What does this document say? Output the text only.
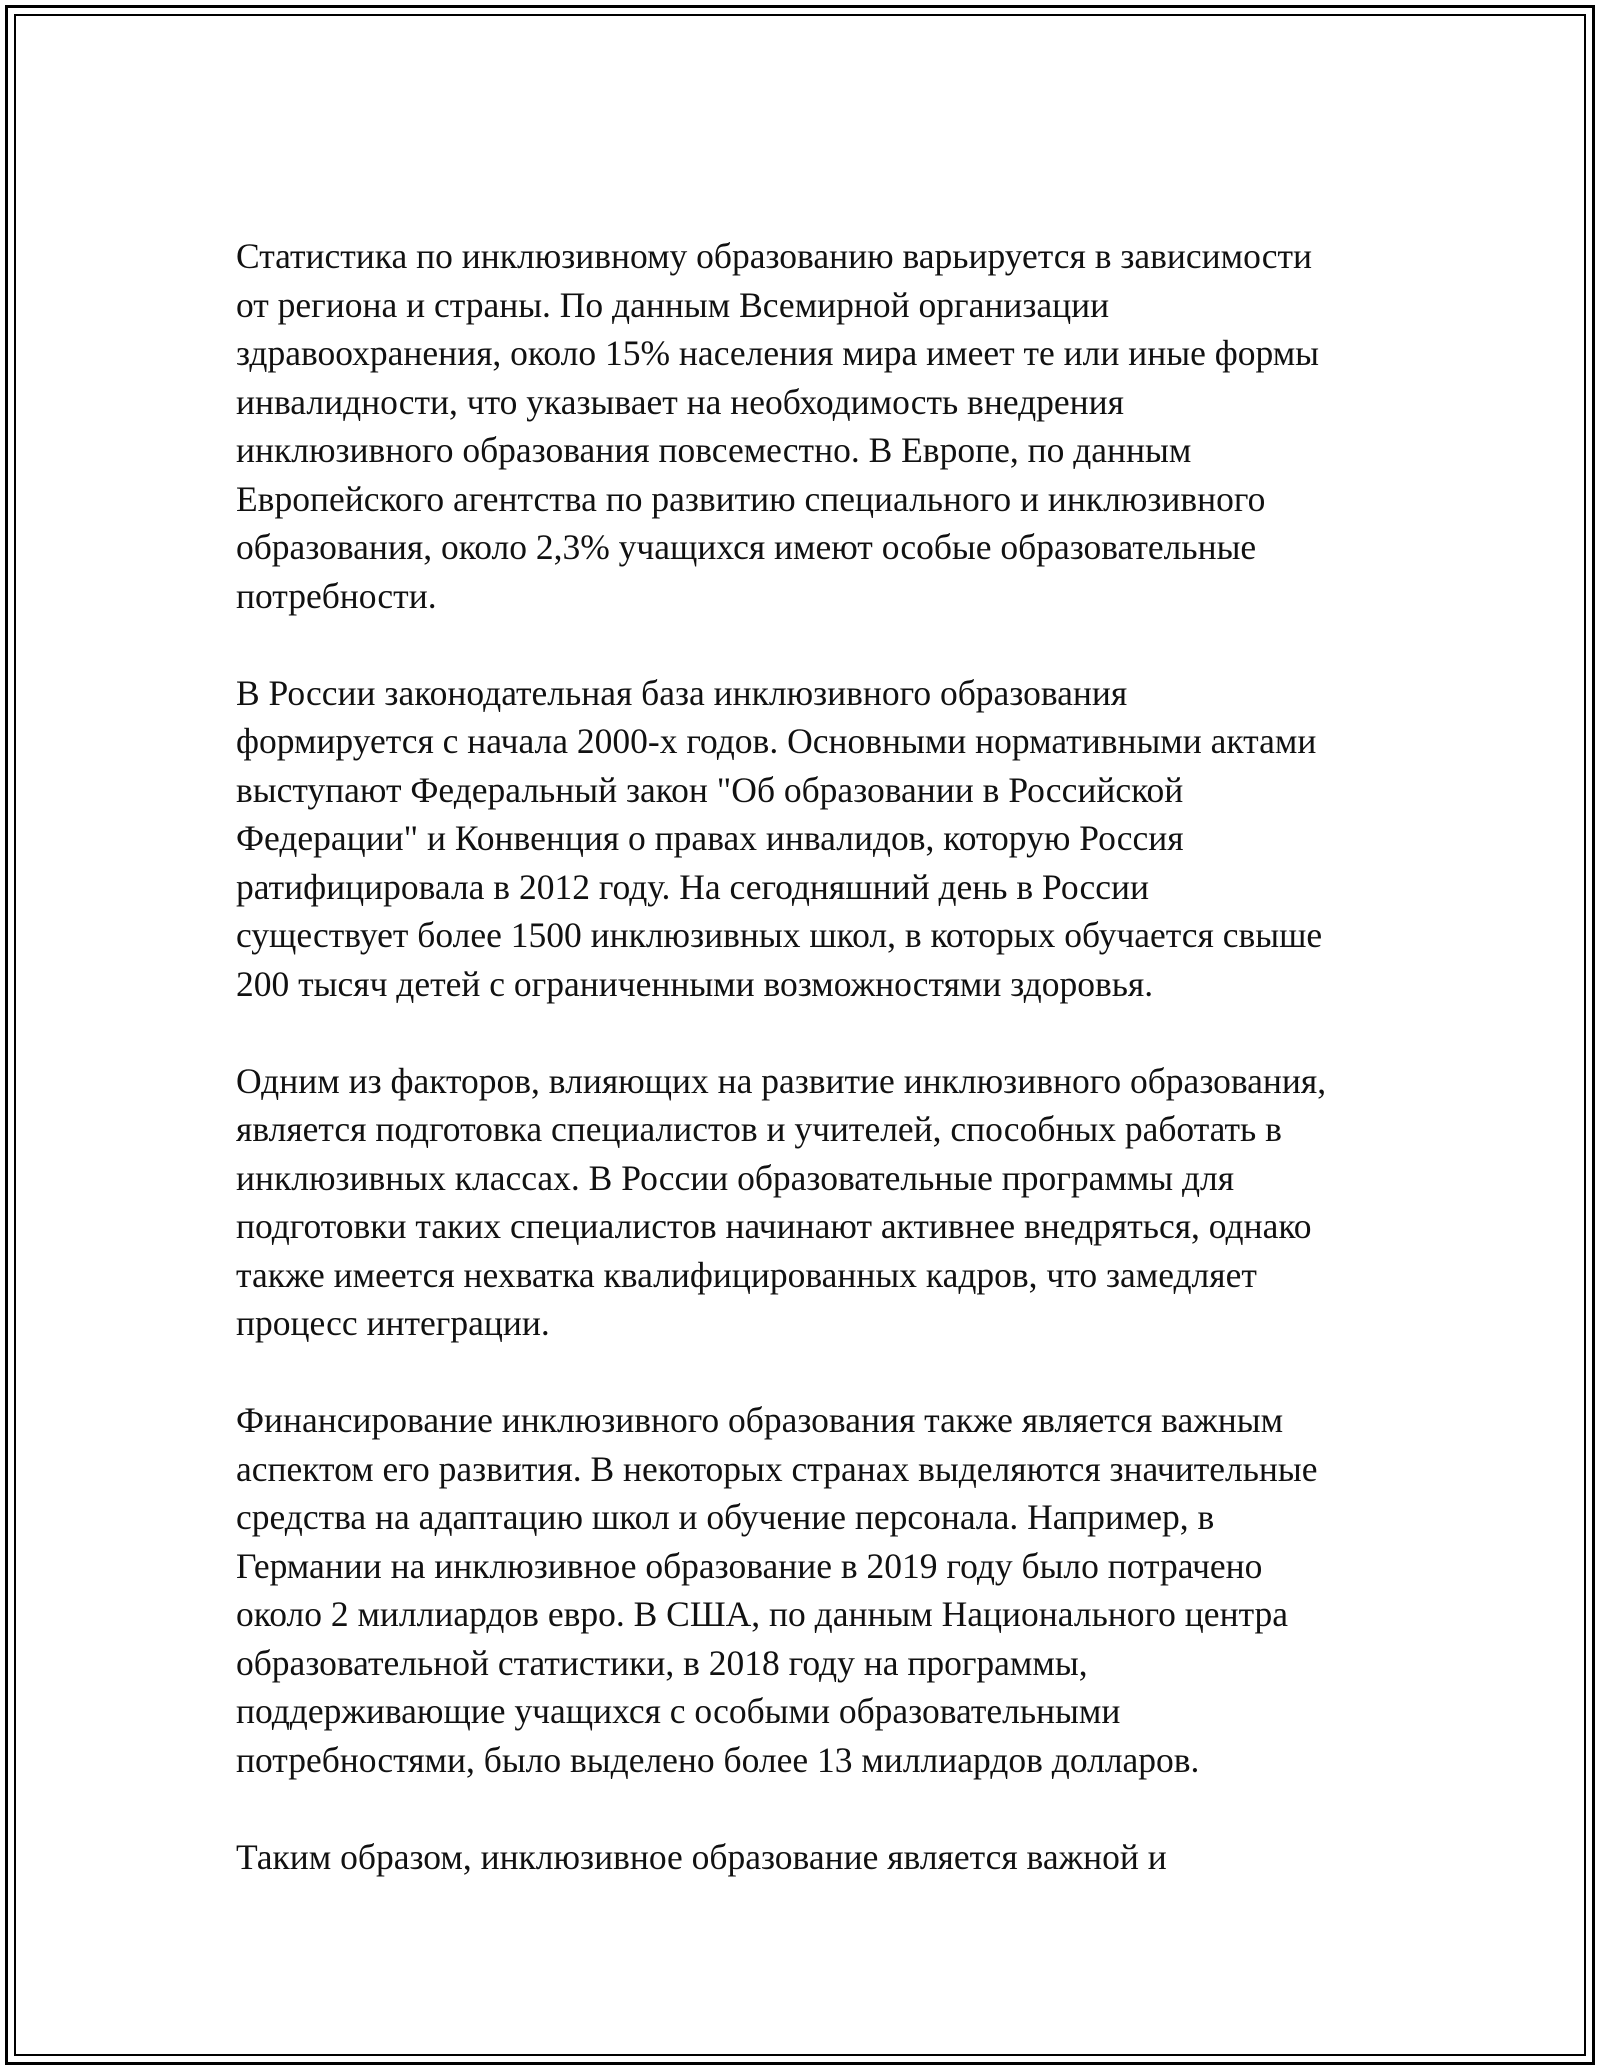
Статистика по инклюзивному образованию варьируется в зависимости
от региона и страны. По данным Всемирной организации
здравоохранения, около 15% населения мира имеет те или иные формы
инвалидности, что указывает на необходимость внедрения
инклюзивного образования повсеместно. В Европе, по данным
Европейского агентства по развитию специального и инклюзивного
образования, около 2,3% учащихся имеют особые образовательные
потребности.

В России законодательная база инклюзивного образования
формируется с начала 2000-х годов. Основными нормативными актами
выступают Федеральный закон "Об образовании в Российской
Федерации" и Конвенция о правах инвалидов, которую Россия
ратифицировала в 2012 году. На сегодняшний день в России
существует более 1500 инклюзивных школ, в которых обучается свыше
200 тысяч детей с ограниченными возможностями здоровья.

Одним из факторов, влияющих на развитие инклюзивного образования,
является подготовка специалистов и учителей, способных работать в
инклюзивных классах. В России образовательные программы для
подготовки таких специалистов начинают активнее внедряться, однако
также имеется нехватка квалифицированных кадров, что замедляет
процесс интеграции.

Финансирование инклюзивного образования также является важным
аспектом его развития. В некоторых странах выделяются значительные
средства на адаптацию школ и обучение персонала. Например, в
Германии на инклюзивное образование в 2019 году было потрачено
около 2 миллиардов евро. В США, по данным Национального центра
образовательной статистики, в 2018 году на программы,
поддерживающие учащихся с особыми образовательными
потребностями, было выделено более 13 миллиардов долларов.

Таким образом, инклюзивное образование является важной и
